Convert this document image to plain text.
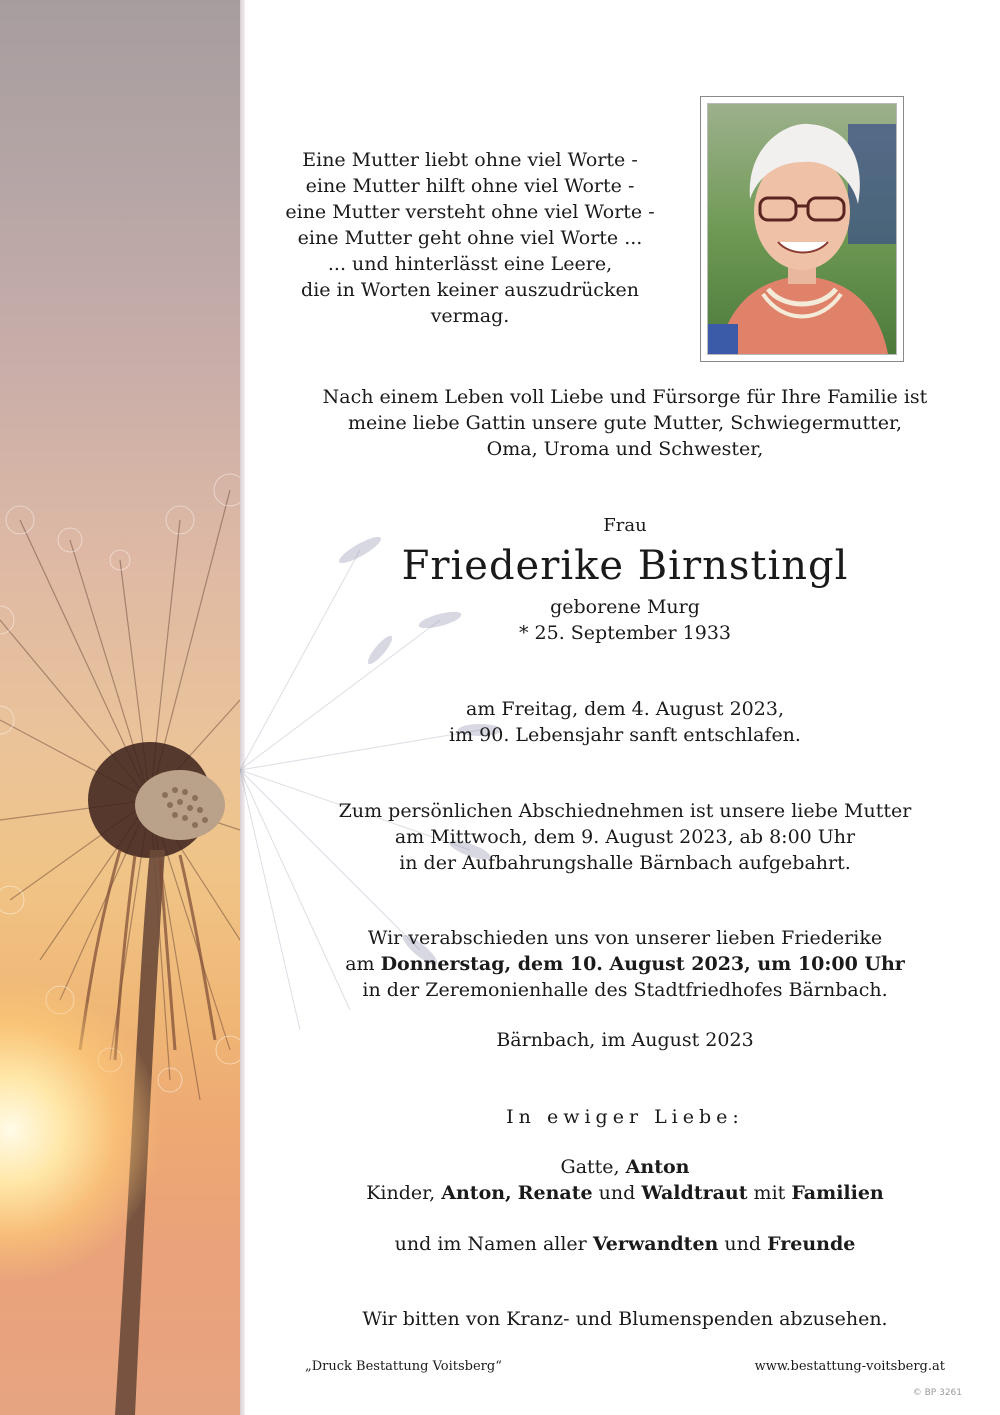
Eine Mutter liebt ohne viel Worte -
eine Mutter hilft ohne viel Worte -
eine Mutter versteht ohne viel Worte -
eine Mutter geht ohne viel Worte ...
... und hinterlässt eine Leere,
die in Worten keiner auszudrücken vermag.
Nach einem Leben voll Liebe und Fürsorge für Ihre Familie ist
meine liebe Gattin unsere gute Mutter, Schwiegermutter,
Oma, Uroma und Schwester,
Frau
Friederike Birnstingl
geborene Murg
* 25. September 1933
am Freitag, dem 4. August 2023,
im 90. Lebensjahr sanft entschlafen.
Zum persönlichen Abschiednehmen ist unsere liebe Mutter
am Mittwoch, dem 9. August 2023, ab 8:00 Uhr
in der Aufbahrungshalle Bärnbach aufgebahrt.
Wir verabschieden uns von unserer lieben Friederike
am Donnerstag, dem 10. August 2023, um 10:00 Uhr
in der Zeremonienhalle des Stadtfriedhofes Bärnbach.
Bärnbach, im August 2023
In ewiger Liebe:
Gatte, Anton
Kinder, Anton, Renate und Waldtraut mit Familien
und im Namen aller Verwandten und Freunde
Wir bitten von Kranz- und Blumenspenden abzusehen.
„Druck Bestattung Voitsberg“	www.bestattung-voitsberg.at
© BP 3261
